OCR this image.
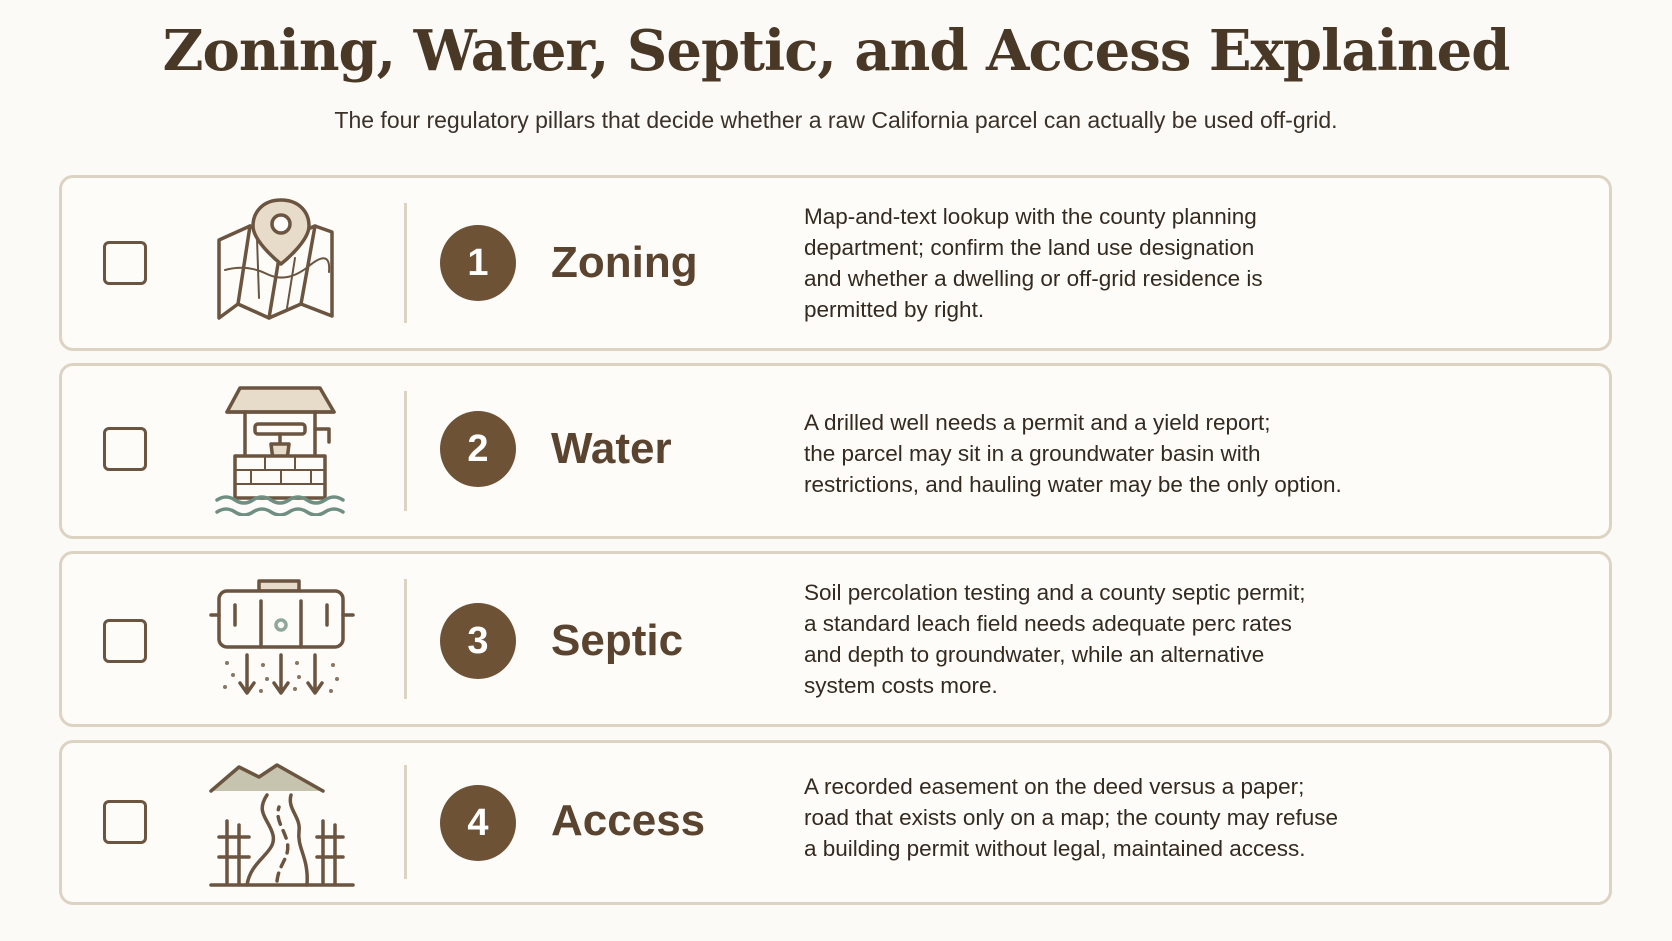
Zoning, Water, Septic, and Access Explained
The four regulatory pillars that decide whether a raw California parcel can actually be used off-grid.
1	Zoning
Map-and-text lookup with the county planning
department; confirm the land use designation
and whether a dwelling or off-grid residence is
permitted by right.
2	Water
A drilled well needs a permit and a yield report;
the parcel may sit in a groundwater basin with
restrictions, and hauling water may be the only option.
3	Septic
Soil percolation testing and a county septic permit;
a standard leach field needs adequate perc rates
and depth to groundwater, while an alternative
system costs more.
4	Access
A recorded easement on the deed versus a paper;
road that exists only on a map; the county may refuse
a building permit without legal, maintained access.
